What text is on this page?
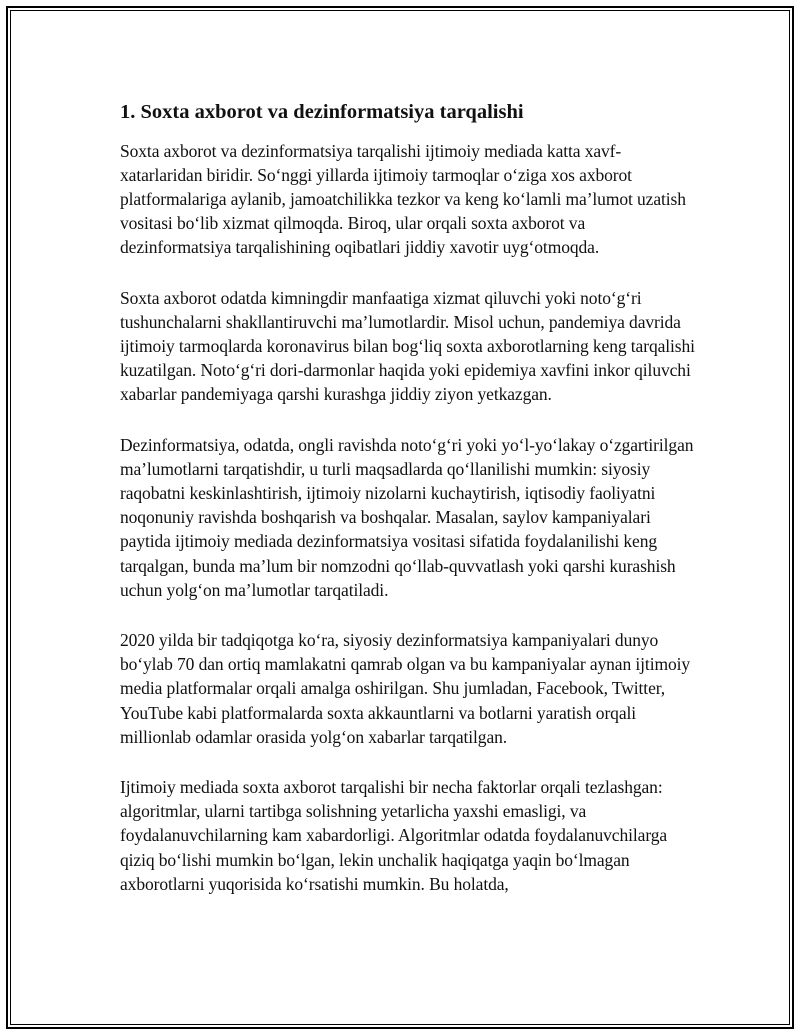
1. Soxta axborot va dezinformatsiya tarqalishi

Soxta axborot va dezinformatsiya tarqalishi ijtimoiy mediada katta xavf-xatarlaridan biridir. So‘nggi yillarda ijtimoiy tarmoqlar o‘ziga xos axborot platformalariga aylanib, jamoatchilikka tezkor va keng ko‘lamli ma’lumot uzatish vositasi bo‘lib xizmat qilmoqda. Biroq, ular orqali soxta axborot va dezinformatsiya tarqalishining oqibatlari jiddiy xavotir uyg‘otmoqda.

Soxta axborot odatda kimningdir manfaatiga xizmat qiluvchi yoki noto‘g‘ri tushunchalarni shakllantiruvchi ma’lumotlardir. Misol uchun, pandemiya davrida ijtimoiy tarmoqlarda koronavirus bilan bog‘liq soxta axborotlarning keng tarqalishi kuzatilgan. Noto‘g‘ri dori-darmonlar haqida yoki epidemiya xavfini inkor qiluvchi xabarlar pandemiyaga qarshi kurashga jiddiy ziyon yetkazgan.

Dezinformatsiya, odatda, ongli ravishda noto‘g‘ri yoki yo‘l-yo‘lakay o‘zgartirilgan ma’lumotlarni tarqatishdir, u turli maqsadlarda qo‘llanilishi mumkin: siyosiy raqobatni keskinlashtirish, ijtimoiy nizolarni kuchaytirish, iqtisodiy faoliyatni noqonuniy ravishda boshqarish va boshqalar. Masalan, saylov kampaniyalari paytida ijtimoiy mediada dezinformatsiya vositasi sifatida foydalanilishi keng tarqalgan, bunda ma’lum bir nomzodni qo‘llab-quvvatlash yoki qarshi kurashish uchun yolg‘on ma’lumotlar tarqatiladi.

2020 yilda bir tadqiqotga ko‘ra, siyosiy dezinformatsiya kampaniyalari dunyo bo‘ylab 70 dan ortiq mamlakatni qamrab olgan va bu kampaniyalar aynan ijtimoiy media platformalar orqali amalga oshirilgan. Shu jumladan, Facebook, Twitter, YouTube kabi platformalarda soxta akkauntlarni va botlarni yaratish orqali millionlab odamlar orasida yolg‘on xabarlar tarqatilgan.

Ijtimoiy mediada soxta axborot tarqalishi bir necha faktorlar orqali tezlashgan: algoritmlar, ularni tartibga solishning yetarlicha yaxshi emasligi, va foydalanuvchilarning kam xabardorligi. Algoritmlar odatda foydalanuvchilarga qiziq bo‘lishi mumkin bo‘lgan, lekin unchalik haqiqatga yaqin bo‘lmagan axborotlarni yuqorisida ko‘rsatishi mumkin. Bu holatda,
